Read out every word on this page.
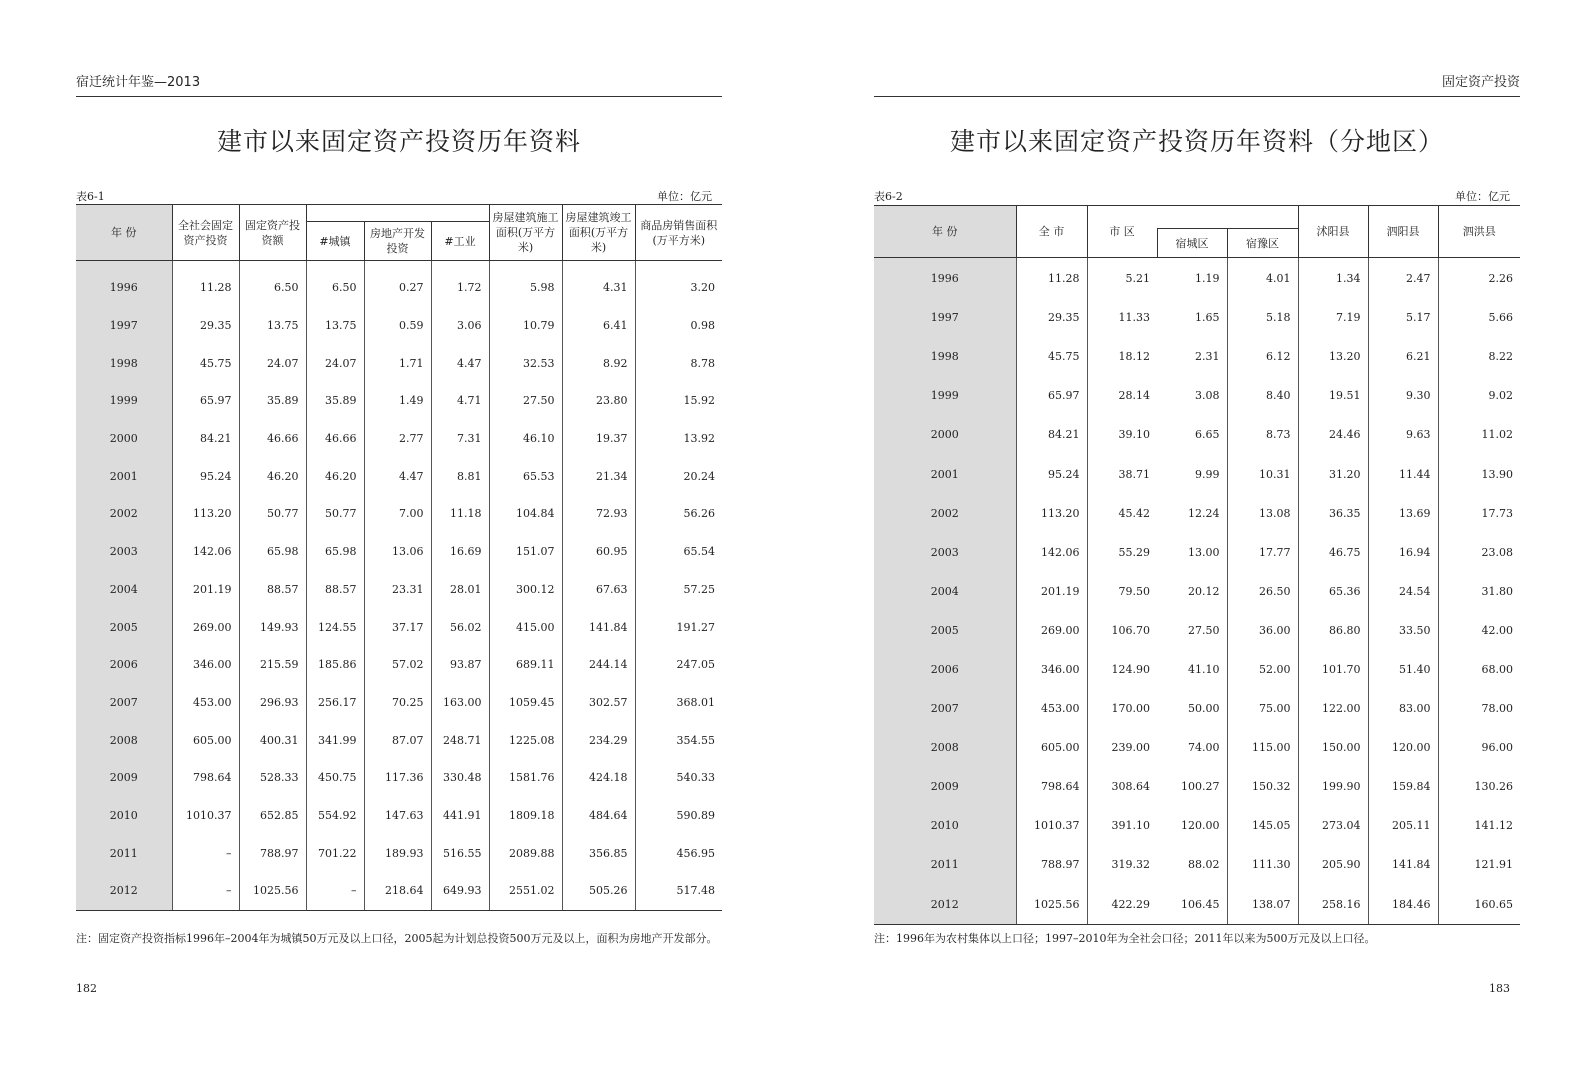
宿迁统计年鉴—2013
建市以来固定资产投资历年资料
表6-1	单位：亿元
年 份	全社会固定资产投资	固定资产投资额				房屋建筑施工面积(万平方米)	房屋建筑竣工面积(万平方米)	商品房销售面积(万平方米)
			#城镇	房地产开发投资	#工业			

1996	11.28	6.50	6.50	0.27	1.72	5.98	4.31	3.20
1997	29.35	13.75	13.75	0.59	3.06	10.79	6.41	0.98
1998	45.75	24.07	24.07	1.71	4.47	32.53	8.92	8.78
1999	65.97	35.89	35.89	1.49	4.71	27.50	23.80	15.92
2000	84.21	46.66	46.66	2.77	7.31	46.10	19.37	13.92
2001	95.24	46.20	46.20	4.47	8.81	65.53	21.34	20.24
2002	113.20	50.77	50.77	7.00	11.18	104.84	72.93	56.26
2003	142.06	65.98	65.98	13.06	16.69	151.07	60.95	65.54
2004	201.19	88.57	88.57	23.31	28.01	300.12	67.63	57.25
2005	269.00	149.93	124.55	37.17	56.02	415.00	141.84	191.27
2006	346.00	215.59	185.86	57.02	93.87	689.11	244.14	247.05
2007	453.00	296.93	256.17	70.25	163.00	1059.45	302.57	368.01
2008	605.00	400.31	341.99	87.07	248.71	1225.08	234.29	354.55
2009	798.64	528.33	450.75	117.36	330.48	1581.76	424.18	540.33
2010	1010.37	652.85	554.92	147.63	441.91	1809.18	484.64	590.89
2011	–	788.97	701.22	189.93	516.55	2089.88	356.85	456.95
2012	–	1025.56	–	218.64	649.93	2551.02	505.26	517.48
注：固定资产投资指标1996年–2004年为城镇50万元及以上口径，2005起为计划总投资500万元及以上，面积为房地产开发部分。
182
固定资产投资
建市以来固定资产投资历年资料（分地区）
表6-2	单位：亿元
年 份	全 市	市 区			沭阳县	泗阳县	泗洪县
			宿城区	宿豫区			

1996	11.28	5.21	1.19	4.01	1.34	2.47	2.26
1997	29.35	11.33	1.65	5.18	7.19	5.17	5.66
1998	45.75	18.12	2.31	6.12	13.20	6.21	8.22
1999	65.97	28.14	3.08	8.40	19.51	9.30	9.02
2000	84.21	39.10	6.65	8.73	24.46	9.63	11.02
2001	95.24	38.71	9.99	10.31	31.20	11.44	13.90
2002	113.20	45.42	12.24	13.08	36.35	13.69	17.73
2003	142.06	55.29	13.00	17.77	46.75	16.94	23.08
2004	201.19	79.50	20.12	26.50	65.36	24.54	31.80
2005	269.00	106.70	27.50	36.00	86.80	33.50	42.00
2006	346.00	124.90	41.10	52.00	101.70	51.40	68.00
2007	453.00	170.00	50.00	75.00	122.00	83.00	78.00
2008	605.00	239.00	74.00	115.00	150.00	120.00	96.00
2009	798.64	308.64	100.27	150.32	199.90	159.84	130.26
2010	1010.37	391.10	120.00	145.05	273.04	205.11	141.12
2011	788.97	319.32	88.02	111.30	205.90	141.84	121.91
2012	1025.56	422.29	106.45	138.07	258.16	184.46	160.65
注：1996年为农村集体以上口径；1997–2010年为全社会口径；2011年以来为500万元及以上口径。
183
